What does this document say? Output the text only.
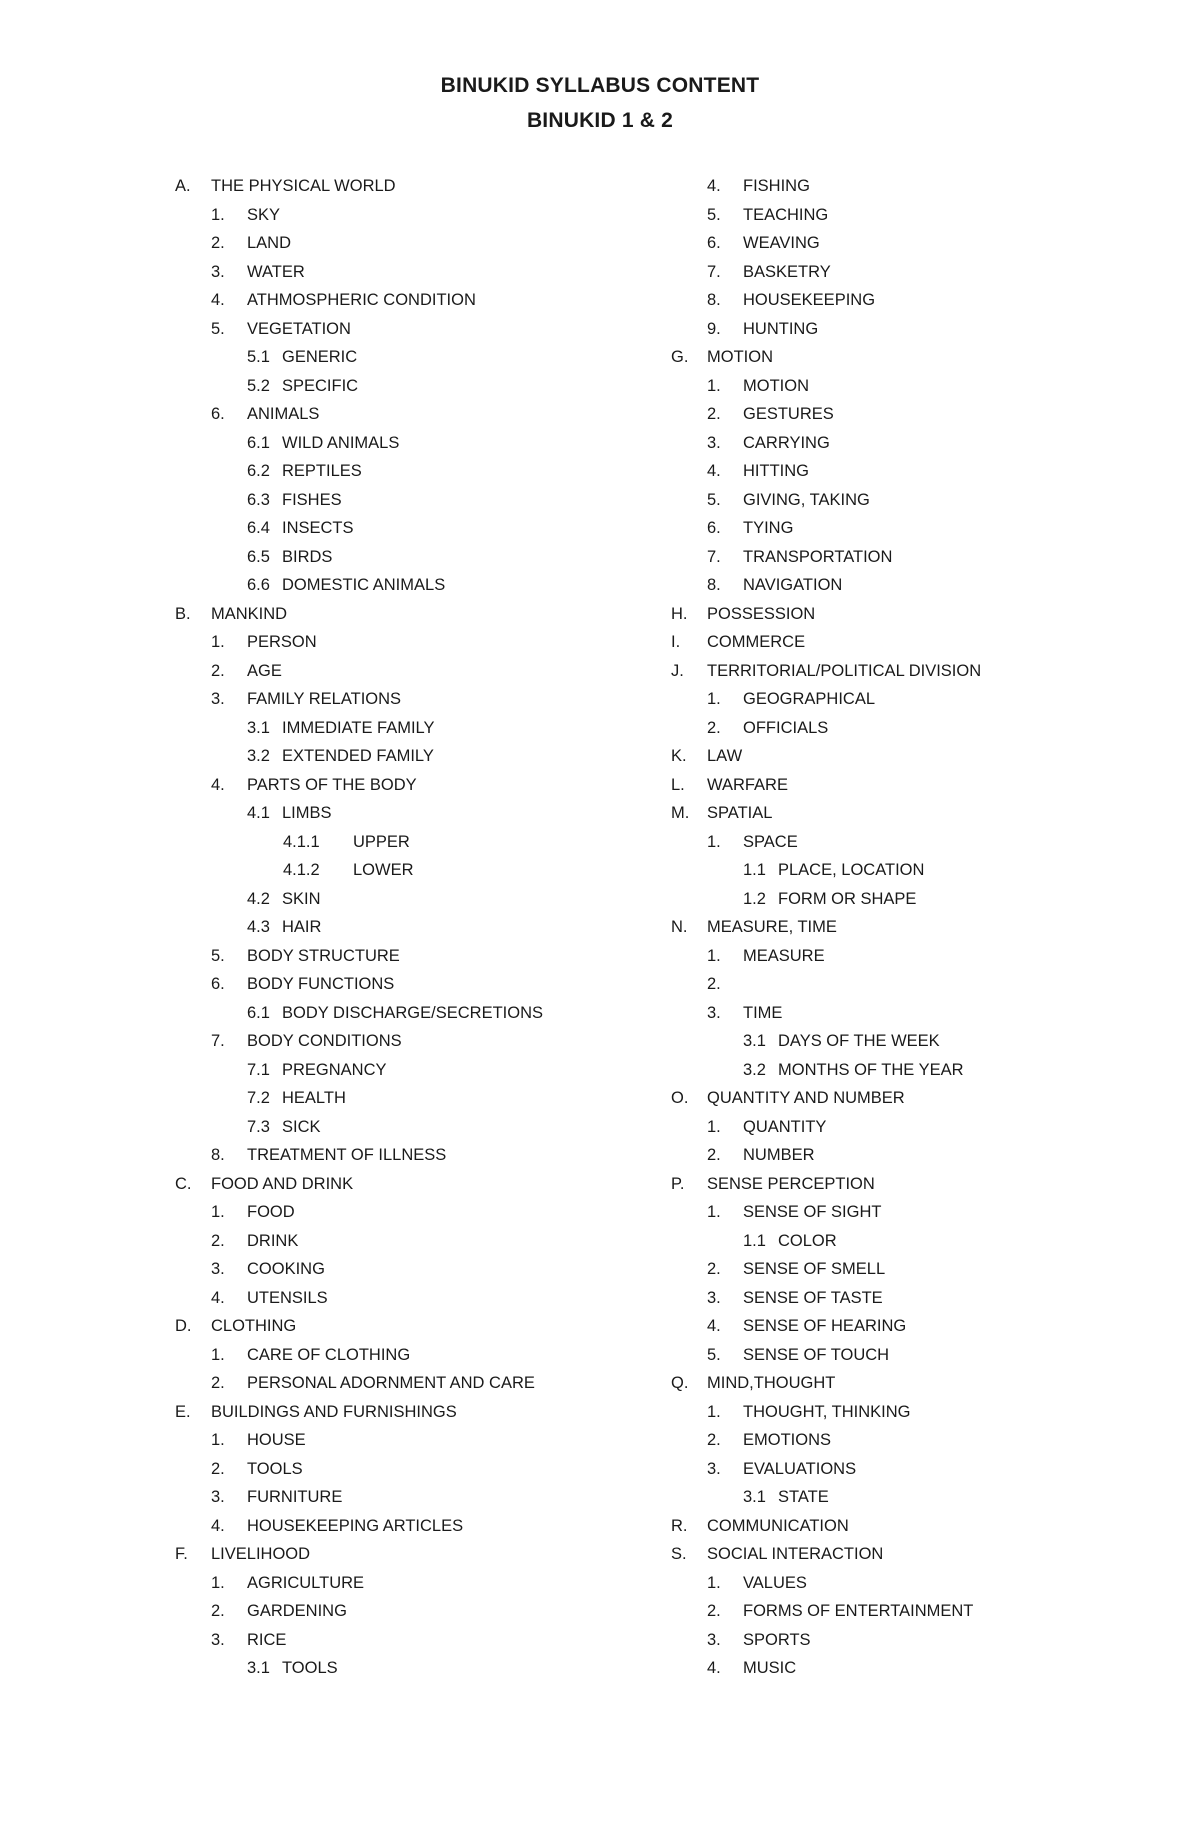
BINUKID SYLLABUS CONTENT
BINUKID 1 & 2
A. THE PHYSICAL WORLD
1. SKY
2. LAND
3. WATER
4. ATHMOSPHERIC CONDITION
5. VEGETATION
5.1 GENERIC
5.2 SPECIFIC
6. ANIMALS
6.1 WILD ANIMALS
6.2 REPTILES
6.3 FISHES
6.4 INSECTS
6.5 BIRDS
6.6 DOMESTIC ANIMALS
B. MANKIND
1. PERSON
2. AGE
3. FAMILY RELATIONS
3.1 IMMEDIATE FAMILY
3.2 EXTENDED FAMILY
4. PARTS OF THE BODY
4.1 LIMBS
4.1.1 UPPER
4.1.2 LOWER
4.2 SKIN
4.3 HAIR
5. BODY STRUCTURE
6. BODY FUNCTIONS
6.1 BODY DISCHARGE/SECRETIONS
7. BODY CONDITIONS
7.1 PREGNANCY
7.2 HEALTH
7.3 SICK
8. TREATMENT OF ILLNESS
C. FOOD AND DRINK
1. FOOD
2. DRINK
3. COOKING
4. UTENSILS
D. CLOTHING
1. CARE OF CLOTHING
2. PERSONAL ADORNMENT AND CARE
E. BUILDINGS AND FURNISHINGS
1. HOUSE
2. TOOLS
3. FURNITURE
4. HOUSEKEEPING ARTICLES
F. LIVELIHOOD
1. AGRICULTURE
2. GARDENING
3. RICE
3.1 TOOLS
4. FISHING
5. TEACHING
6. WEAVING
7. BASKETRY
8. HOUSEKEEPING
9. HUNTING
G. MOTION
1. MOTION
2. GESTURES
3. CARRYING
4. HITTING
5. GIVING, TAKING
6. TYING
7. TRANSPORTATION
8. NAVIGATION
H. POSSESSION
I. COMMERCE
J. TERRITORIAL/POLITICAL DIVISION
1. GEOGRAPHICAL
2. OFFICIALS
K. LAW
L. WARFARE
M. SPATIAL
1. SPACE
1.1 PLACE, LOCATION
1.2 FORM OR SHAPE
N. MEASURE, TIME
1. MEASURE
2.
3. TIME
3.1 DAYS OF THE WEEK
3.2 MONTHS OF THE YEAR
O. QUANTITY AND NUMBER
1. QUANTITY
2. NUMBER
P. SENSE PERCEPTION
1. SENSE OF SIGHT
1.1 COLOR
2. SENSE OF SMELL
3. SENSE OF TASTE
4. SENSE OF HEARING
5. SENSE OF TOUCH
Q. MIND,THOUGHT
1. THOUGHT, THINKING
2. EMOTIONS
3. EVALUATIONS
3.1 STATE
R. COMMUNICATION
S. SOCIAL INTERACTION
1. VALUES
2. FORMS OF ENTERTAINMENT
3. SPORTS
4. MUSIC
